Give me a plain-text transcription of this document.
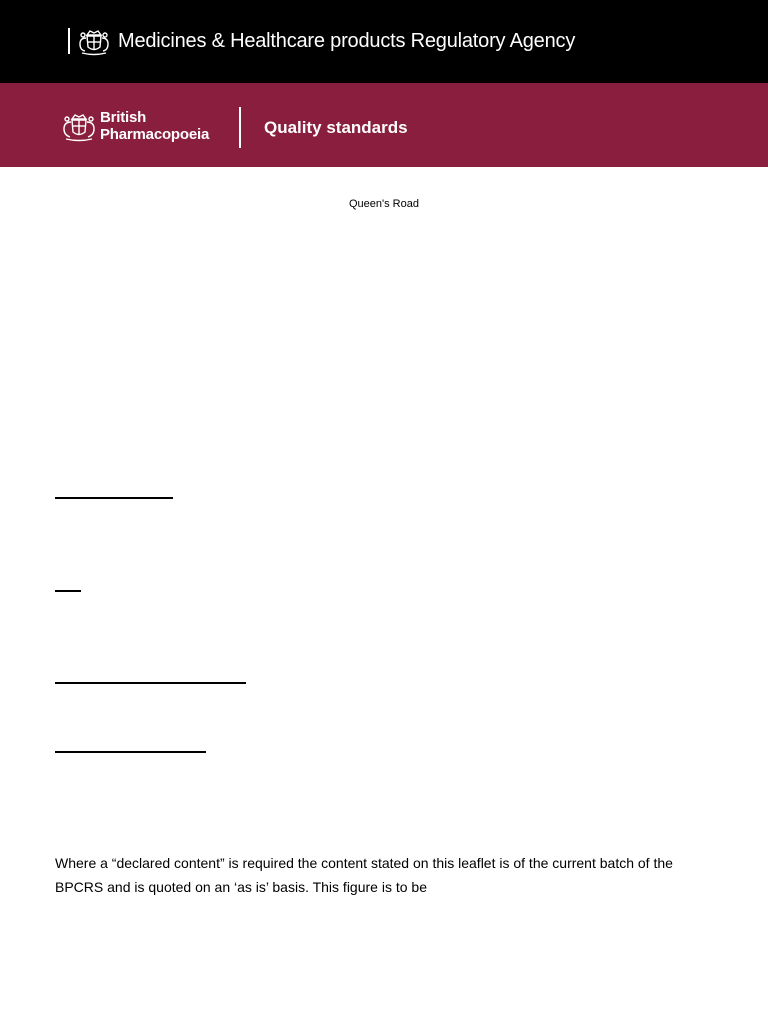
Medicines & Healthcare products Regulatory Agency
British
Pharmacopoeia	Quality standards
Queen's Road
Where a “declared content” is required the content stated on this leaflet is of the current batch of the BPCRS and is quoted on an ‘as is’ basis. This figure is to be
